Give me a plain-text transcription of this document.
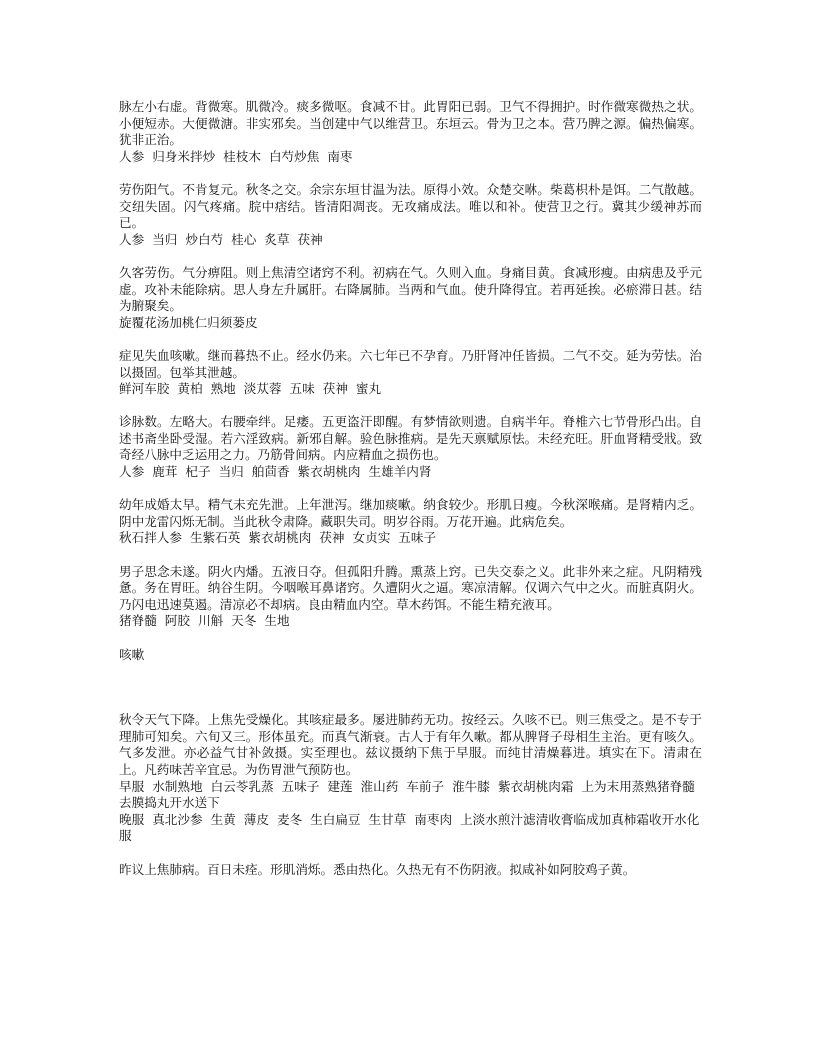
脉左小右虚。背微寒。肌微冷。痰多微呕。食减不甘。此胃阳已弱。卫气不得拥护。时作微寒微热之状。小便短赤。大便微溏。非实邪矣。当创建中气以维营卫。东垣云。骨为卫之本。营乃脾之源。偏热偏寒。犹非正治。

人参 归身米拌炒 桂枝木 白芍炒焦 南枣

劳伤阳气。不肯复元。秋冬之交。余宗东垣甘温为法。原得小效。众楚交咻。柴葛枳朴是饵。二气散越。交纽失固。闪气疼痛。脘中痞结。皆清阳凋丧。无攻痛成法。唯以和补。使营卫之行。冀其少缓神苏而已。

人参 当归 炒白芍 桂心 炙草 茯神

久客劳伤。气分痹阻。则上焦清空诸窍不利。初病在气。久则入血。身痛目黄。食减形瘦。由病患及乎元虚。攻补未能除病。思人身左升属肝。右降属肺。当两和气血。使升降得宜。若再延挨。必瘀滞日甚。结为腑聚矣。

旋覆花汤加桃仁归须蒌皮

症见失血咳嗽。继而暮热不止。经水仍来。六七年已不孕育。乃肝肾冲任皆损。二气不交。延为劳怯。治以摄固。包举其泄越。

鲜河车胶 黄柏 熟地 淡苁蓉 五味 茯神 蜜丸

诊脉数。左略大。右腰牵绊。足痿。五更盗汗即醒。有梦情欲则遗。自病半年。脊椎六七节骨形凸出。自述书斋坐卧受湿。若六淫致病。新邪自解。验色脉推病。是先天禀赋原怯。未经充旺。肝血肾精受戕。致奇经八脉中乏运用之力。乃筋骨间病。内应精血之损伤也。

人参 鹿茸 杞子 当归 舶茴香 紫衣胡桃肉 生雄羊内肾

幼年成婚太早。精气未充先泄。上年泄泻。继加痰嗽。纳食较少。形肌日瘦。今秋深喉痛。是肾精内乏。阴中龙雷闪烁无制。当此秋令肃降。藏职失司。明岁谷雨。万花开遍。此病危矣。

秋石拌人参 生紫石英 紫衣胡桃肉 茯神 女贞实 五味子

男子思念未遂。阴火内燔。五液日夺。但孤阳升腾。熏蒸上窍。已失交泰之义。此非外来之症。凡阴精残惫。务在胃旺。纳谷生阴。今咽喉耳鼻诸窍。久遭阴火之逼。寒凉清解。仅调六气中之火。而脏真阴火。乃闪电迅速莫遏。清凉必不却病。良由精血内空。草木药饵。不能生精充液耳。

猪脊髓 阿胶 川斛 天冬 生地

咳嗽

秋令天气下降。上焦先受燥化。其咳症最多。屡进肺药无功。按经云。久咳不已。则三焦受之。是不专于理肺可知矣。六旬又三。形体虽充。而真气渐衰。古人于有年久嗽。都从脾肾子母相生主治。更有咳久。气多发泄。亦必益气甘补敛摄。实至理也。兹议摄纳下焦于早服。而纯甘清燥暮进。填实在下。清肃在上。凡药味苦辛宜忌。为伤胃泄气预防也。

早服 水制熟地 白云苓乳蒸 五味子 建莲 淮山药 车前子 淮牛膝 紫衣胡桃肉霜 上为末用蒸熟猪脊髓去膜捣丸开水送下

晚服 真北沙参 生黄 薄皮 麦冬 生白扁豆 生甘草 南枣肉 上淡水煎汁滤清收膏临成加真柿霜收开水化服

昨议上焦肺病。百日未痊。形肌消烁。悉由热化。久热无有不伤阴液。拟咸补如阿胶鸡子黄。
